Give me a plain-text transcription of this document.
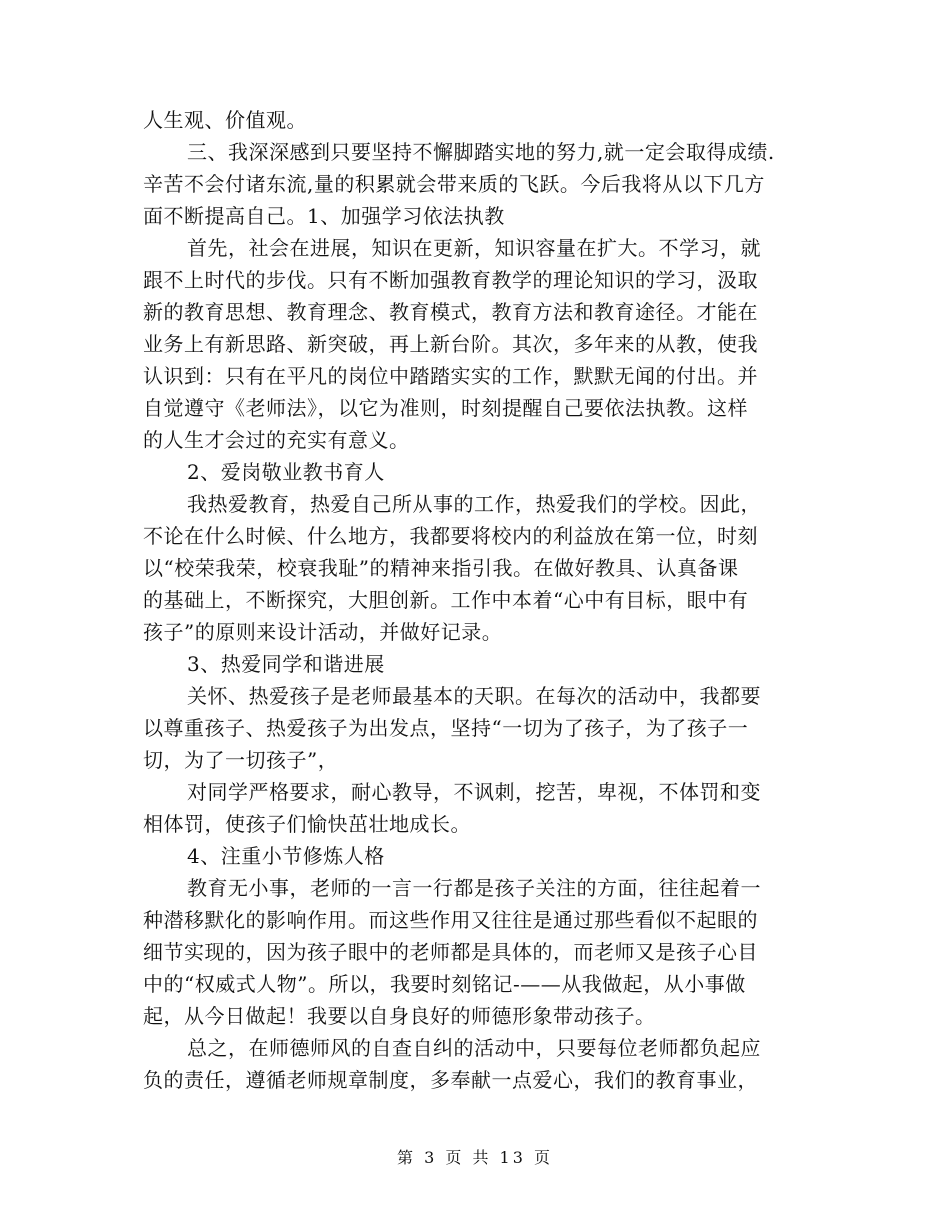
人生观、价值观。
三、我深深感到只要坚持不懈脚踏实地的努力,就一定会取得成绩.
辛苦不会付诸东流,量的积累就会带来质的飞跃。今后我将从以下几方
面不断提高自己。1、加强学习依法执教
首先，社会在进展，知识在更新，知识容量在扩大。不学习，就
跟不上时代的步伐。只有不断加强教育教学的理论知识的学习，汲取
新的教育思想、教育理念、教育模式，教育方法和教育途径。才能在
业务上有新思路、新突破，再上新台阶。其次，多年来的从教，使我
认识到：只有在平凡的岗位中踏踏实实的工作，默默无闻的付出。并
自觉遵守《老师法》，以它为准则，时刻提醒自己要依法执教。这样
的人生才会过的充实有意义。
2、爱岗敬业教书育人
我热爱教育，热爱自己所从事的工作，热爱我们的学校。因此，
不论在什么时候、什么地方，我都要将校内的利益放在第一位，时刻
以“校荣我荣，校衰我耻”的精神来指引我。在做好教具、认真备课
的基础上，不断探究，大胆创新。工作中本着“心中有目标，眼中有
孩子”的原则来设计活动，并做好记录。
3、热爱同学和谐进展
关怀、热爱孩子是老师最基本的天职。在每次的活动中，我都要
以尊重孩子、热爱孩子为出发点，坚持“一切为了孩子，为了孩子一
切，为了一切孩子”，
对同学严格要求，耐心教导，不讽刺，挖苦，卑视，不体罚和变
相体罚，使孩子们愉快茁壮地成长。
4、注重小节修炼人格
教育无小事，老师的一言一行都是孩子关注的方面，往往起着一
种潜移默化的影响作用。而这些作用又往往是通过那些看似不起眼的
细节实现的，因为孩子眼中的老师都是具体的，而老师又是孩子心目
中的“权威式人物”。所以，我要时刻铭记-——从我做起，从小事做
起，从今日做起！我要以自身良好的师德形象带动孩子。
总之，在师德师风的自查自纠的活动中，只要每位老师都负起应
负的责任，遵循老师规章制度，多奉献一点爱心，我们的教育事业，
第 3 页 共 13 页
